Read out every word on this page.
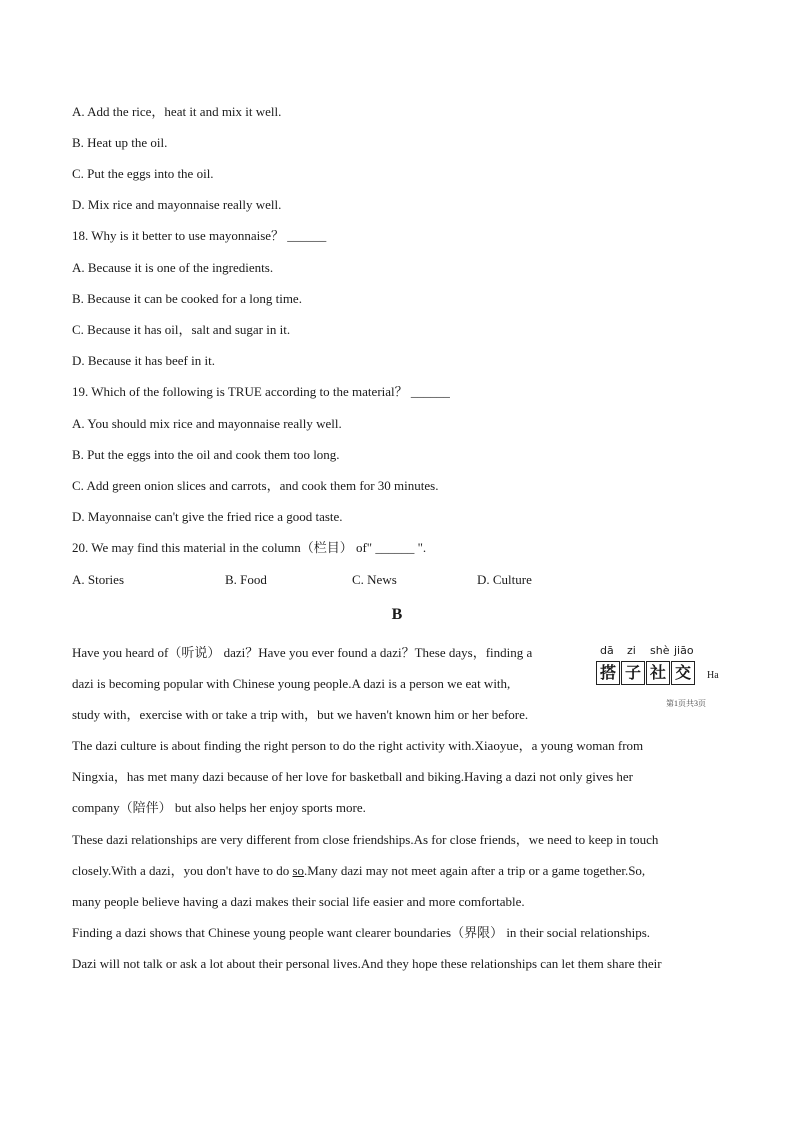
A. Add the rice，heat it and mix it well.
B. Heat up the oil.
C. Put the eggs into the oil.
D. Mix rice and mayonnaise really well.
18. Why is it better to use mayonnaise？ ______
A. Because it is one of the ingredients.
B. Because it can be cooked for a long time.
C. Because it has oil，salt and sugar in it.
D. Because it has beef in it.
19. Which of the following is TRUE according to the material？ ______
A. You should mix rice and mayonnaise really well.
B. Put the eggs into the oil and cook them too long.
C. Add green onion slices and carrots，and cook them for 30 minutes.
D. Mayonnaise can't give the fried rice a good taste.
20. We may find this material in the column（栏目） of" ______ ".
A. Stories	B. Food	C. News	D. Culture
B
dā zi shè jiāo
搭 子 社 交	Ha
第1页共3页
Have you heard of（听说） dazi？Have you ever found a dazi？These days，finding a
dazi is becoming popular with Chinese young people.A dazi is a person we eat with,
study with，exercise with or take a trip with，but we haven't known him or her before.
The dazi culture is about finding the right person to do the right activity with.Xiaoyue，a young woman from
Ningxia，has met many dazi because of her love for basketball and biking.Having a dazi not only gives her
company（陪伴） but also helps her enjoy sports more.
These dazi relationships are very different from close friendships.As for close friends，we need to keep in touch
closely.With a dazi，you don't have to do so.Many dazi may not meet again after a trip or a game together.So,
many people believe having a dazi makes their social life easier and more comfortable.
Finding a dazi shows that Chinese young people want clearer boundaries（界限） in their social relationships.
Dazi will not talk or ask a lot about their personal lives.And they hope these relationships can let them share their
